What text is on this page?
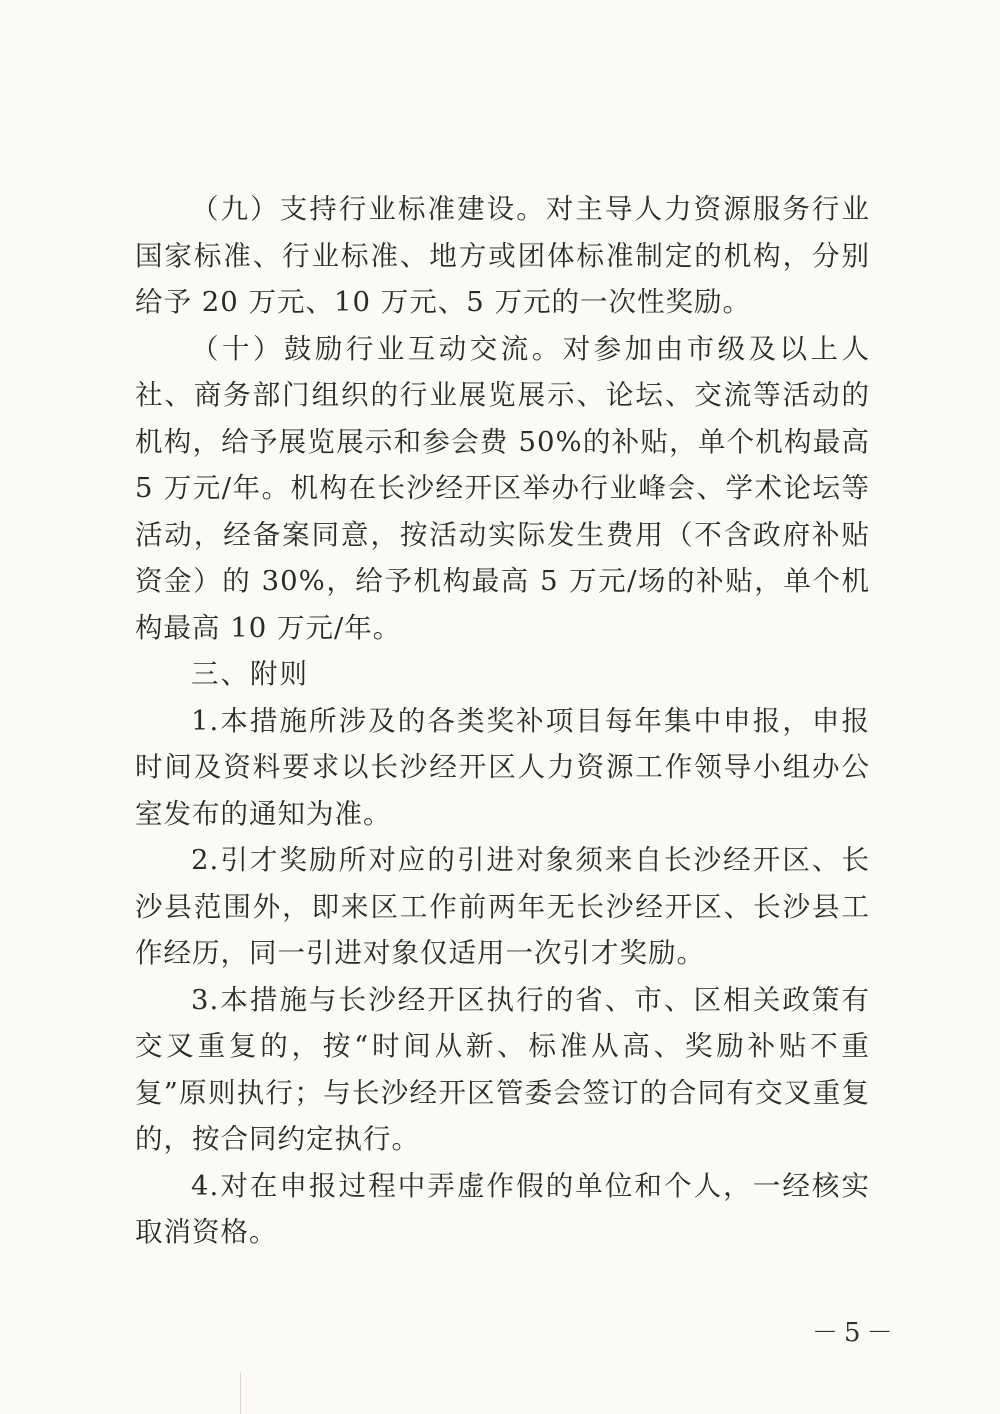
（九）支持行业标准建设。对主导人力资源服务行业国家标准、行业标准、地方或团体标准制定的机构，分别给予 20 万元、10 万元、5 万元的一次性奖励。

（十）鼓励行业互动交流。对参加由市级及以上人社、商务部门组织的行业展览展示、论坛、交流等活动的机构，给予展览展示和参会费 50%的补贴，单个机构最高 5 万元/年。机构在长沙经开区举办行业峰会、学术论坛等活动，经备案同意，按活动实际发生费用（不含政府补贴资金）的 30%，给予机构最高 5 万元/场的补贴，单个机构最高 10 万元/年。

三、附则

1.本措施所涉及的各类奖补项目每年集中申报，申报时间及资料要求以长沙经开区人力资源工作领导小组办公室发布的通知为准。

2.引才奖励所对应的引进对象须来自长沙经开区、长沙县范围外，即来区工作前两年无长沙经开区、长沙县工作经历，同一引进对象仅适用一次引才奖励。

3.本措施与长沙经开区执行的省、市、区相关政策有交叉重复的，按“时间从新、标准从高、奖励补贴不重复”原则执行；与长沙经开区管委会签订的合同有交叉重复的，按合同约定执行。

4.对在申报过程中弄虚作假的单位和个人，一经核实取消资格。

－5－
